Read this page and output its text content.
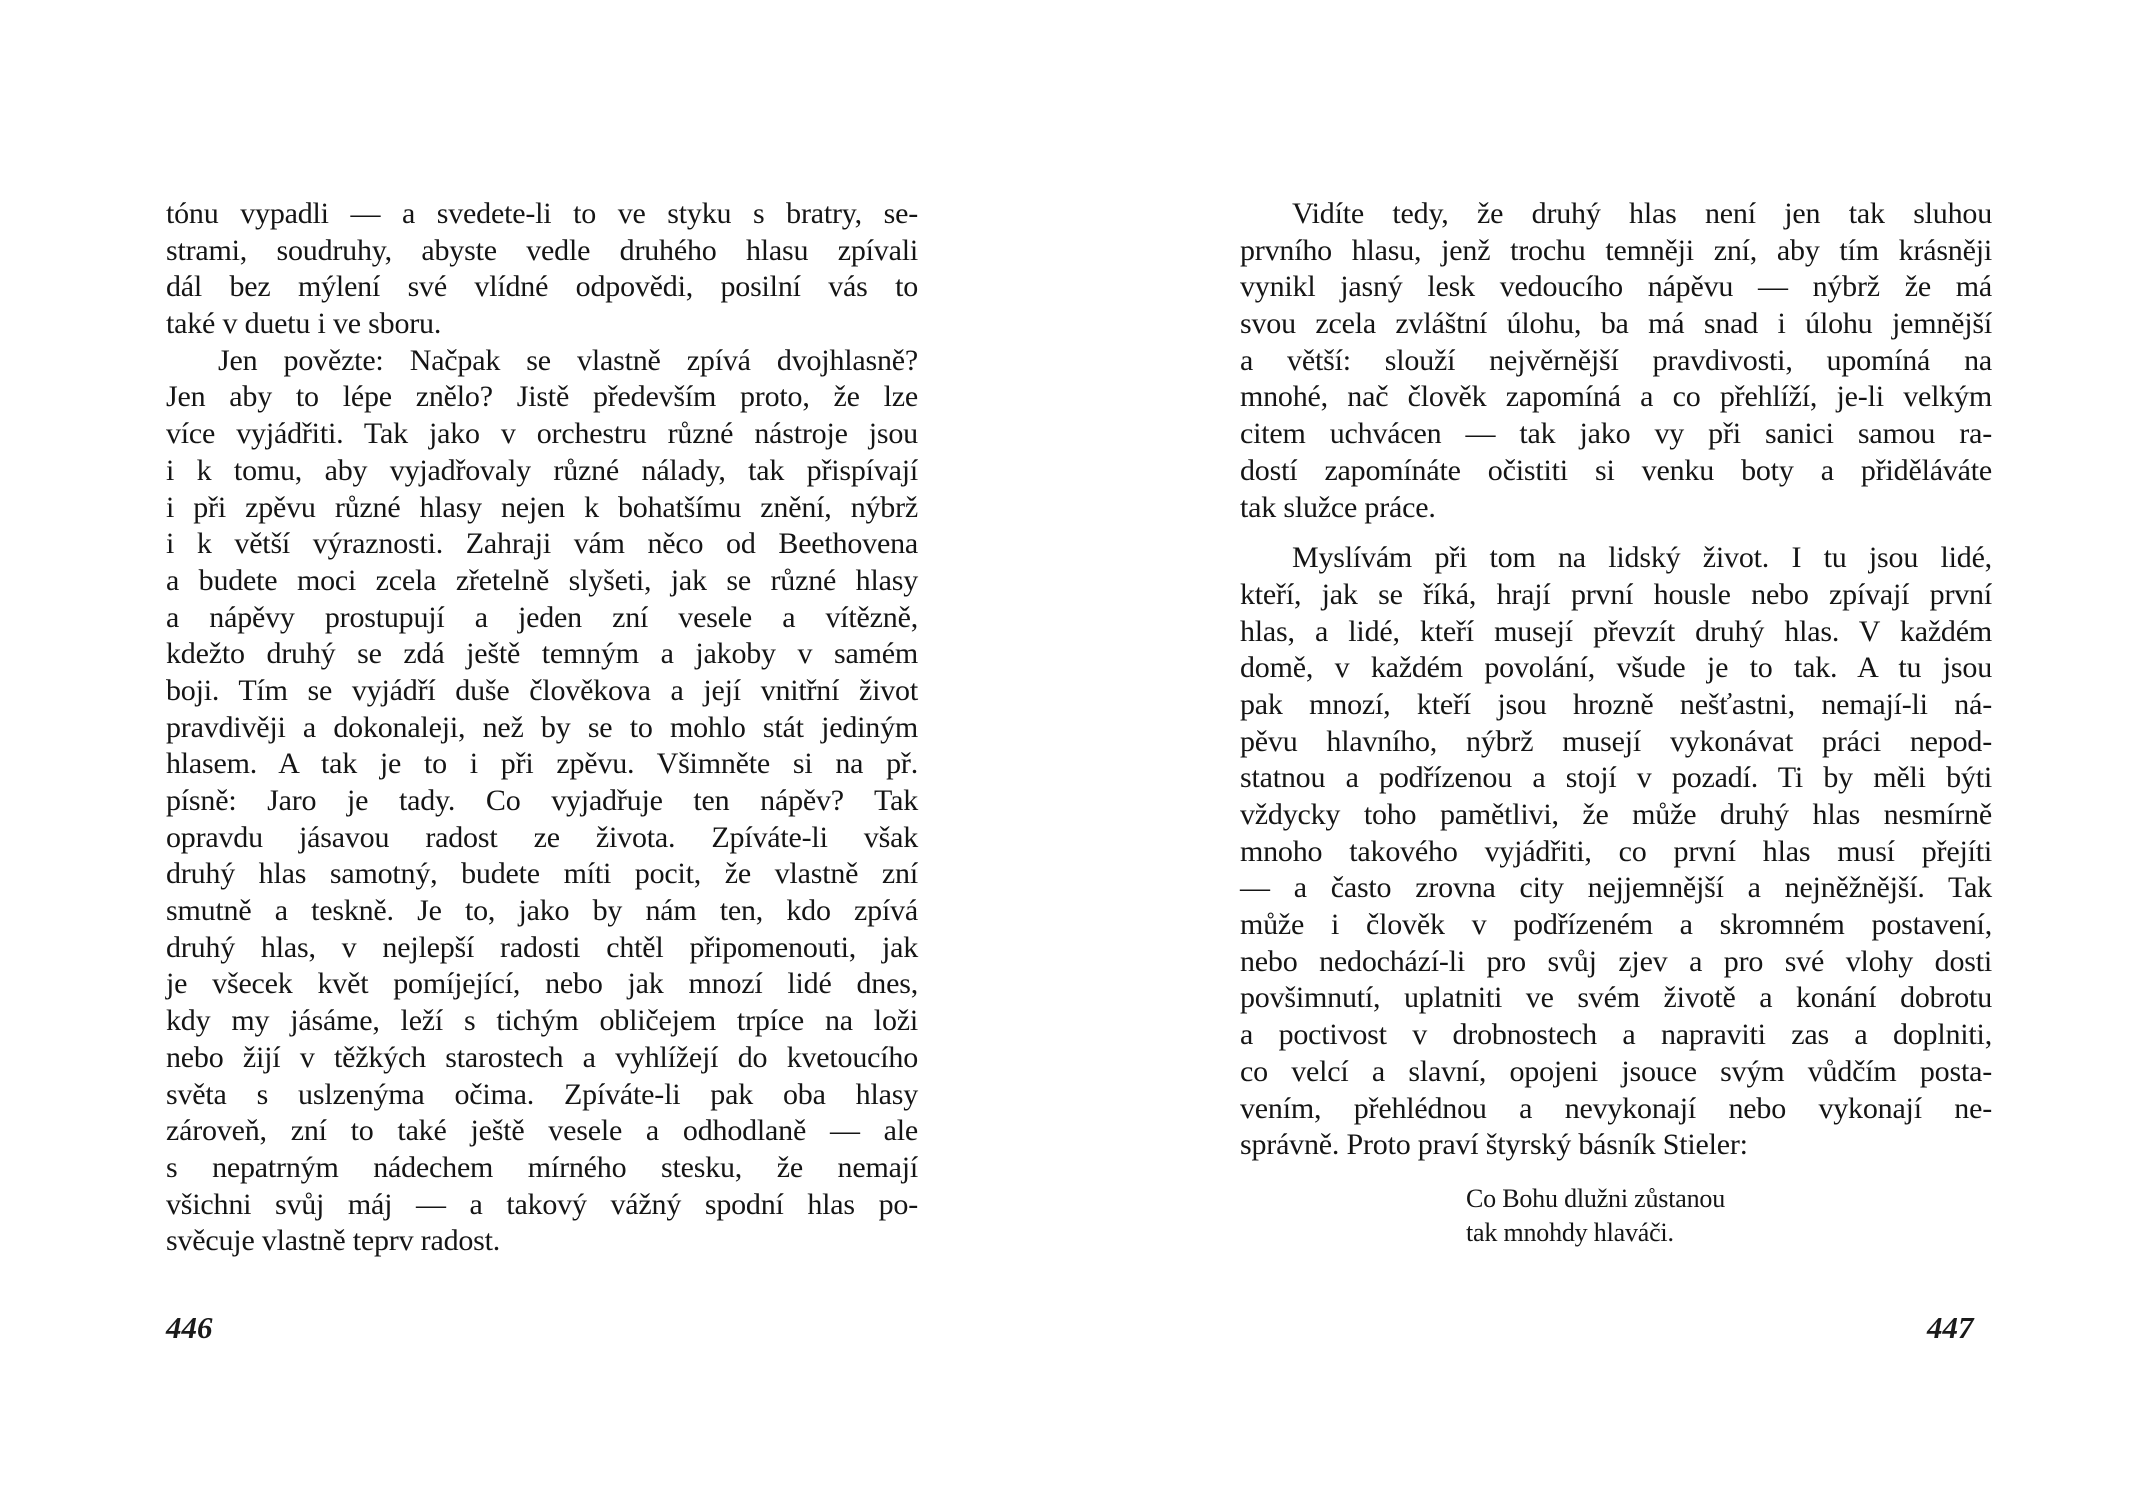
tónu vypadli — a svedete-li to ve styku s bratry, se-
strami, soudruhy, abyste vedle druhého hlasu zpívali
dál bez mýlení své vlídné odpovědi, posilní vás to
také v duetu i ve sboru.
Jen povězte: Načpak se vlastně zpívá dvojhlasně?
Jen aby to lépe znělo? Jistě především proto, že lze
více vyjádřiti. Tak jako v orchestru různé nástroje jsou
i k tomu, aby vyjadřovaly různé nálady, tak přispívají
i při zpěvu různé hlasy nejen k bohatšímu znění, nýbrž
i k větší výraznosti. Zahraji vám něco od Beethovena
a budete moci zcela zřetelně slyšeti, jak se různé hlasy
a nápěvy prostupují a jeden zní vesele a vítězně,
kdežto druhý se zdá ještě temným a jakoby v samém
boji. Tím se vyjádří duše člověkova a její vnitřní život
pravdivěji a dokonaleji, než by se to mohlo stát jediným
hlasem. A tak je to i při zpěvu. Všimněte si na př.
písně: Jaro je tady. Co vyjadřuje ten nápěv? Tak
opravdu jásavou radost ze života. Zpíváte-li však
druhý hlas samotný, budete míti pocit, že vlastně zní
smutně a teskně. Je to, jako by nám ten, kdo zpívá
druhý hlas, v nejlepší radosti chtěl připomenouti, jak
je všecek květ pomíjející, nebo jak mnozí lidé dnes,
kdy my jásáme, leží s tichým obličejem trpíce na loži
nebo žijí v těžkých starostech a vyhlížejí do kvetoucího
světa s uslzenýma očima. Zpíváte-li pak oba hlasy
zároveň, zní to také ještě vesele a odhodlaně — ale
s nepatrným nádechem mírného stesku, že nemají
všichni svůj máj — a takový vážný spodní hlas po-
svěcuje vlastně teprv radost.
446
Vidíte tedy, že druhý hlas není jen tak sluhou
prvního hlasu, jenž trochu temněji zní, aby tím krásněji
vynikl jasný lesk vedoucího nápěvu — nýbrž že má
svou zcela zvláštní úlohu, ba má snad i úlohu jemnější
a větší: slouží nejvěrnější pravdivosti, upomíná na
mnohé, nač člověk zapomíná a co přehlíží, je-li velkým
citem uchvácen — tak jako vy při sanici samou ra-
dostí zapomínáte očistiti si venku boty a přiděláváte
tak služce práce.
Myslívám při tom na lidský život. I tu jsou lidé,
kteří, jak se říká, hrají první housle nebo zpívají první
hlas, a lidé, kteří musejí převzít druhý hlas. V každém
domě, v každém povolání, všude je to tak. A tu jsou
pak mnozí, kteří jsou hrozně nešťastni, nemají-li ná-
pěvu hlavního, nýbrž musejí vykonávat práci nepod-
statnou a podřízenou a stojí v pozadí. Ti by měli býti
vždycky toho pamětlivi, že může druhý hlas nesmírně
mnoho takového vyjádřiti, co první hlas musí přejíti
— a často zrovna city nejjemnější a nejněžnější. Tak
může i člověk v podřízeném a skromném postavení,
nebo nedochází-li pro svůj zjev a pro své vlohy dosti
povšimnutí, uplatniti ve svém životě a konání dobrotu
a poctivost v drobnostech a napraviti zas a doplniti,
co velcí a slavní, opojeni jsouce svým vůdčím posta-
vením, přehlédnou a nevykonají nebo vykonají ne-
správně. Proto praví štyrský básník Stieler:
Co Bohu dlužni zůstanou
tak mnohdy hlaváči.
447
